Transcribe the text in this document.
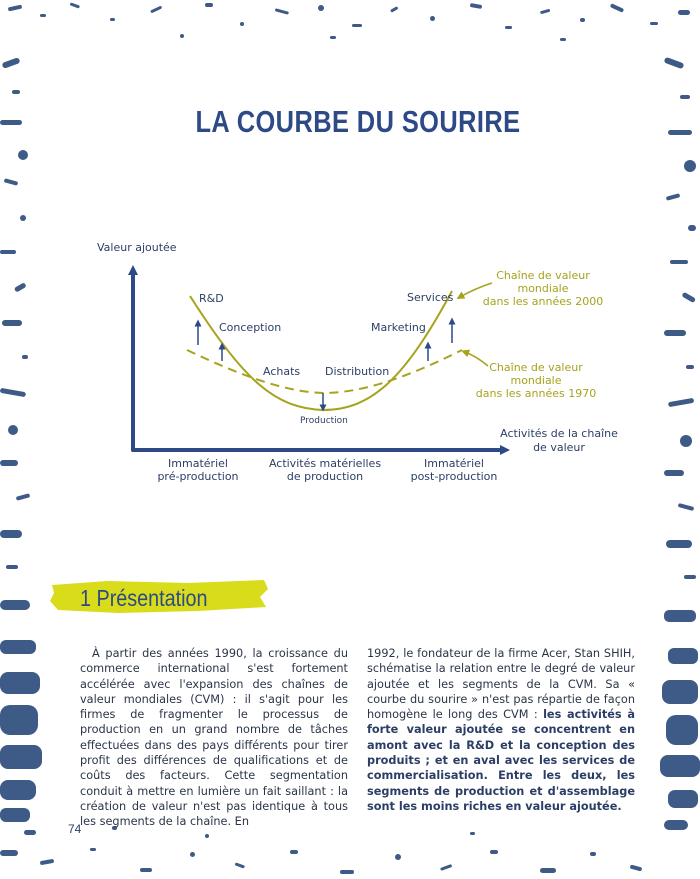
LA COURBE DU SOURIRE
Valeur ajoutée
Activités de la chaîne
de valeur
R&D
Conception
Achats
Production
Distribution
Marketing
Services
Chaîne de valeur
mondiale
dans les années 2000
Chaîne de valeur
mondiale
dans les années 1970
Immatériel
pré-production
Activités matérielles
de production
Immatériel
post-production
1 Présentation
À partir des années 1990, la croissance du commerce international s'est fortement accélérée avec l'expansion des chaînes de valeur mondiales (CVM) : il s'agit pour les firmes de fragmenter le processus de production en un grand nombre de tâches effectuées dans des pays différents pour tirer profit des différences de qualifications et de coûts des facteurs. Cette segmentation conduit à mettre en lumière un fait saillant : la création de valeur n'est pas identique à tous les segments de la chaîne. En
1992, le fondateur de la firme Acer, Stan SHIH, schématise la relation entre le degré de valeur ajoutée et les segments de la CVM. Sa « courbe du sourire » n'est pas répartie de façon homogène le long des CVM : les activités à forte valeur ajoutée se concentrent en amont avec la R&D et la conception des produits ; et en aval avec les services de commercialisation. Entre les deux, les segments de production et d'assemblage sont les moins riches en valeur ajoutée.
74
